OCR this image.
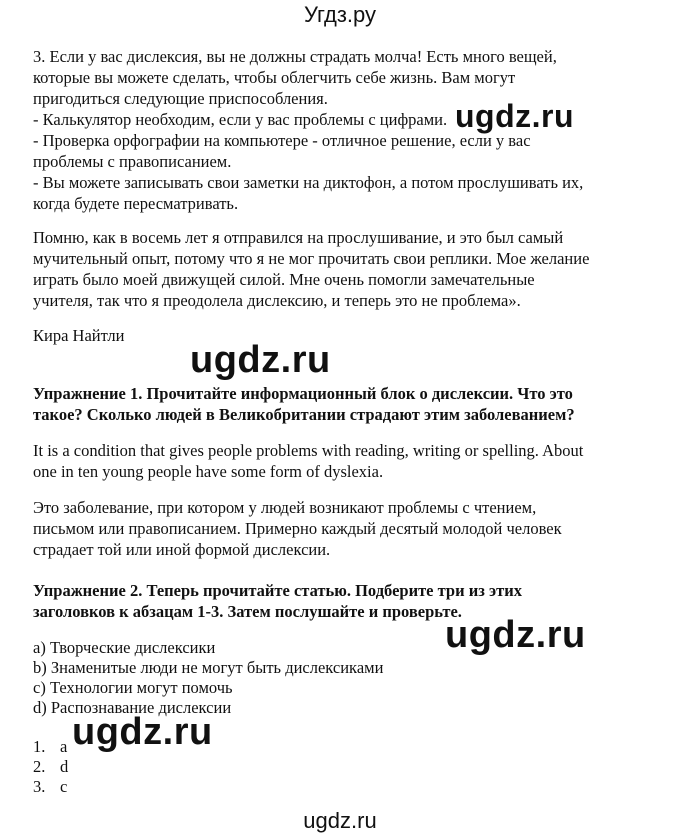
Угдз.ру
3. Если у вас дислексия, вы не должны страдать молча! Есть много вещей,
которые вы можете сделать, чтобы облегчить себе жизнь. Вам могут
пригодиться следующие приспособления.
- Калькулятор необходим, если у вас проблемы с цифрами.
- Проверка орфографии на компьютере - отличное решение, если у вас
проблемы с правописанием.
- Вы можете записывать свои заметки на диктофон, а потом прослушивать их,
когда будете пересматривать.
Помню, как в восемь лет я отправился на прослушивание, и это был самый
мучительный опыт, потому что я не мог прочитать свои реплики. Мое желание
играть было моей движущей силой. Мне очень помогли замечательные
учителя, так что я преодолела дислексию, и теперь это не проблема».
Кира Найтли
Упражнение 1. Прочитайте информационный блок о дислексии. Что это
такое? Сколько людей в Великобритании страдают этим заболеванием?
It is a condition that gives people problems with reading, writing or spelling. About
one in ten young people have some form of dyslexia.
Это заболевание, при котором у людей возникают проблемы с чтением,
письмом или правописанием. Примерно каждый десятый молодой человек
страдает той или иной формой дислексии.
Упражнение 2. Теперь прочитайте статью. Подберите три из этих
заголовков к абзацам 1-3. Затем послушайте и проверьте.
a) Творческие дислексики
b) Знаменитые люди не могут быть дислексиками
c) Технологии могут помочь
d) Распознавание дислексии
1. a
2. d
3. c
ugdz.ru
ugdz.ru
ugdz.ru
ugdz.ru
ugdz.ru
